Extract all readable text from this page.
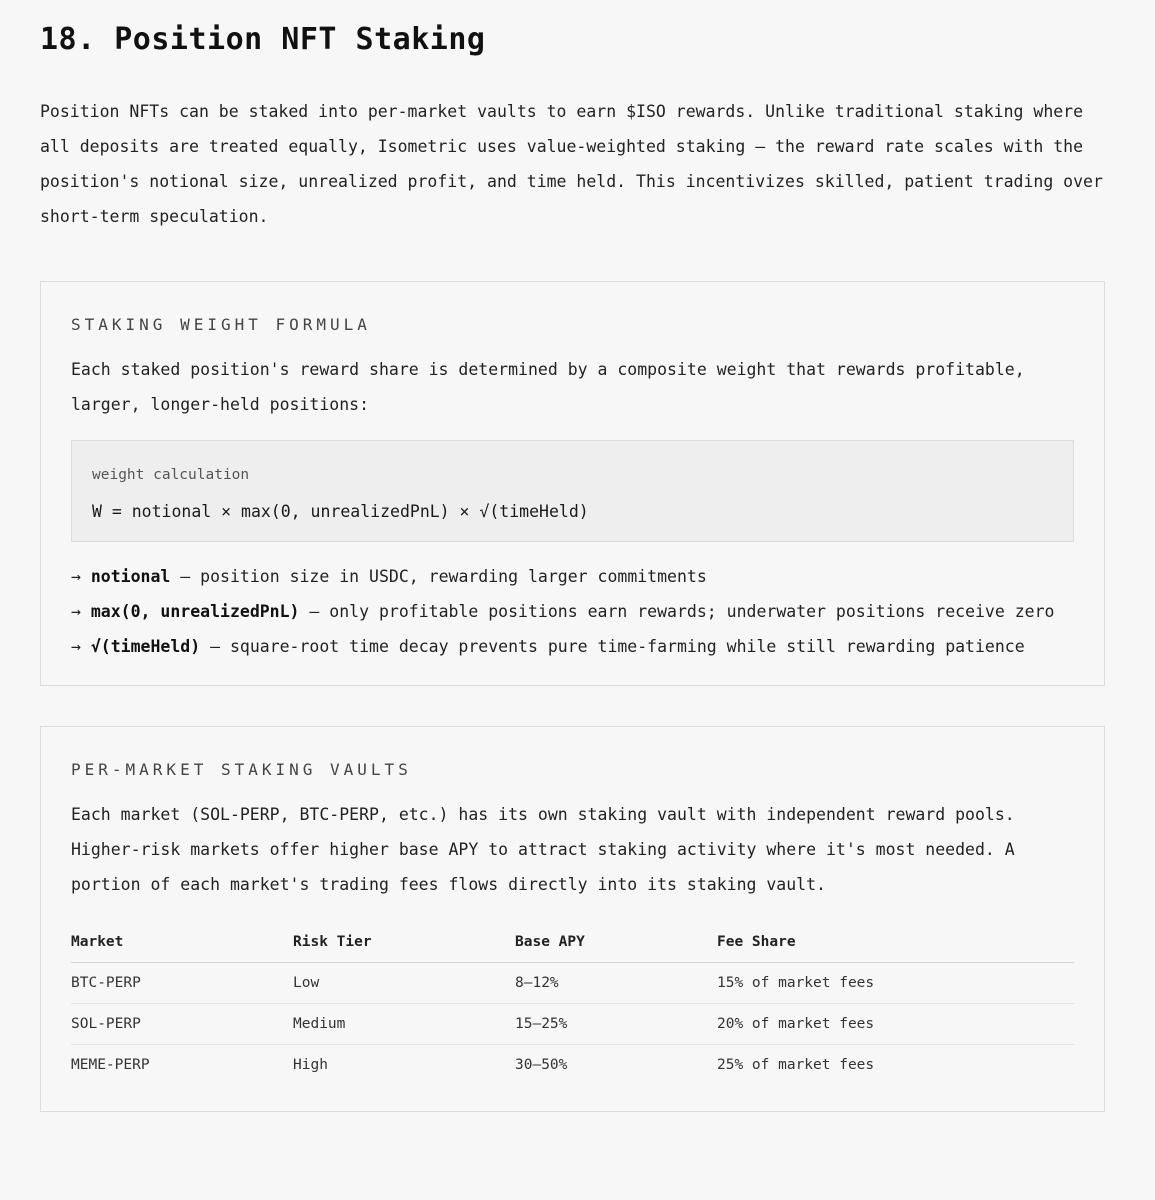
18. Position NFT Staking

Position NFTs can be staked into per-market vaults to earn $ISO rewards. Unlike traditional staking where all deposits are treated equally, Isometric uses value-weighted staking — the reward rate scales with the position's notional size, unrealized profit, and time held. This incentivizes skilled, patient trading over short-term speculation.

STAKING WEIGHT FORMULA

Each staked position's reward share is determined by a composite weight that rewards profitable, larger, longer-held positions:

weight calculation
W = notional × max(0, unrealizedPnL) × √(timeHeld)
→ notional — position size in USDC, rewarding larger commitments
→ max(0, unrealizedPnL) — only profitable positions earn rewards; underwater positions receive zero
→ √(timeHeld) — square-root time decay prevents pure time-farming while still rewarding patience
PER-MARKET STAKING VAULTS

Each market (SOL-PERP, BTC-PERP, etc.) has its own staking vault with independent reward pools. Higher-risk markets offer higher base APY to attract staking activity where it's most needed. A portion of each market's trading fees flows directly into its staking vault.

Market	Risk Tier	Base APY	Fee Share
BTC-PERP	Low	8–12%	15% of market fees
SOL-PERP	Medium	15–25%	20% of market fees
MEME-PERP	High	30–50%	25% of market fees
